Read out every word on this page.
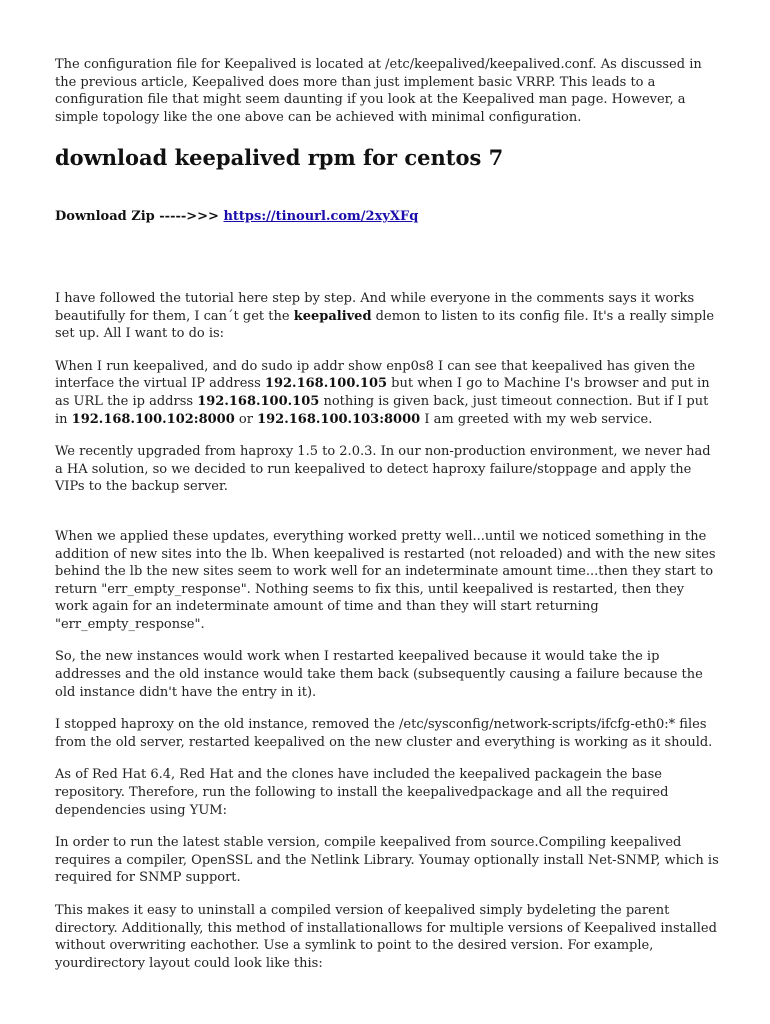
The configuration file for Keepalived is located at /etc/keepalived/keepalived.conf. As discussed in the previous article, Keepalived does more than just implement basic VRRP. This leads to a configuration file that might seem daunting if you look at the Keepalived man page. However, a simple topology like the one above can be achieved with minimal configuration.

download keepalived rpm for centos 7

Download Zip ----->>> https://tinourl.com/2xyXFq

I have followed the tutorial here step by step. And while everyone in the comments says it works beautifully for them, I can´t get the keepalived demon to listen to its config file. It's a really simple set up. All I want to do is:

When I run keepalived, and do sudo ip addr show enp0s8 I can see that keepalived has given the interface the virtual IP address 192.168.100.105 but when I go to Machine I's browser and put in as URL the ip addrss 192.168.100.105 nothing is given back, just timeout connection. But if I put in 192.168.100.102:8000 or 192.168.100.103:8000 I am greeted with my web service.

We recently upgraded from haproxy 1.5 to 2.0.3. In our non-production environment, we never had a HA solution, so we decided to run keepalived to detect haproxy failure/stoppage and apply the VIPs to the backup server.

When we applied these updates, everything worked pretty well...until we noticed something in the addition of new sites into the lb. When keepalived is restarted (not reloaded) and with the new sites behind the lb the new sites seem to work well for an indeterminate amount time...then they start to return "err_empty_response". Nothing seems to fix this, until keepalived is restarted, then they work again for an indeterminate amount of time and than they will start returning "err_empty_response".

So, the new instances would work when I restarted keepalived because it would take the ip addresses and the old instance would take them back (subsequently causing a failure because the old instance didn't have the entry in it).

I stopped haproxy on the old instance, removed the /etc/sysconfig/network-scripts/ifcfg-eth0:* files from the old server, restarted keepalived on the new cluster and everything is working as it should.

As of Red Hat 6.4, Red Hat and the clones have included the keepalived packagein the base repository. Therefore, run the following to install the keepalivedpackage and all the required dependencies using YUM:

In order to run the latest stable version, compile keepalived from source.Compiling keepalived requires a compiler, OpenSSL and the Netlink Library. Youmay optionally install Net-SNMP, which is required for SNMP support.

This makes it easy to uninstall a compiled version of keepalived simply bydeleting the parent directory. Additionally, this method of installationallows for multiple versions of Keepalived installed without overwriting eachother. Use a symlink to point to the desired version. For example, yourdirectory layout could look like this:
